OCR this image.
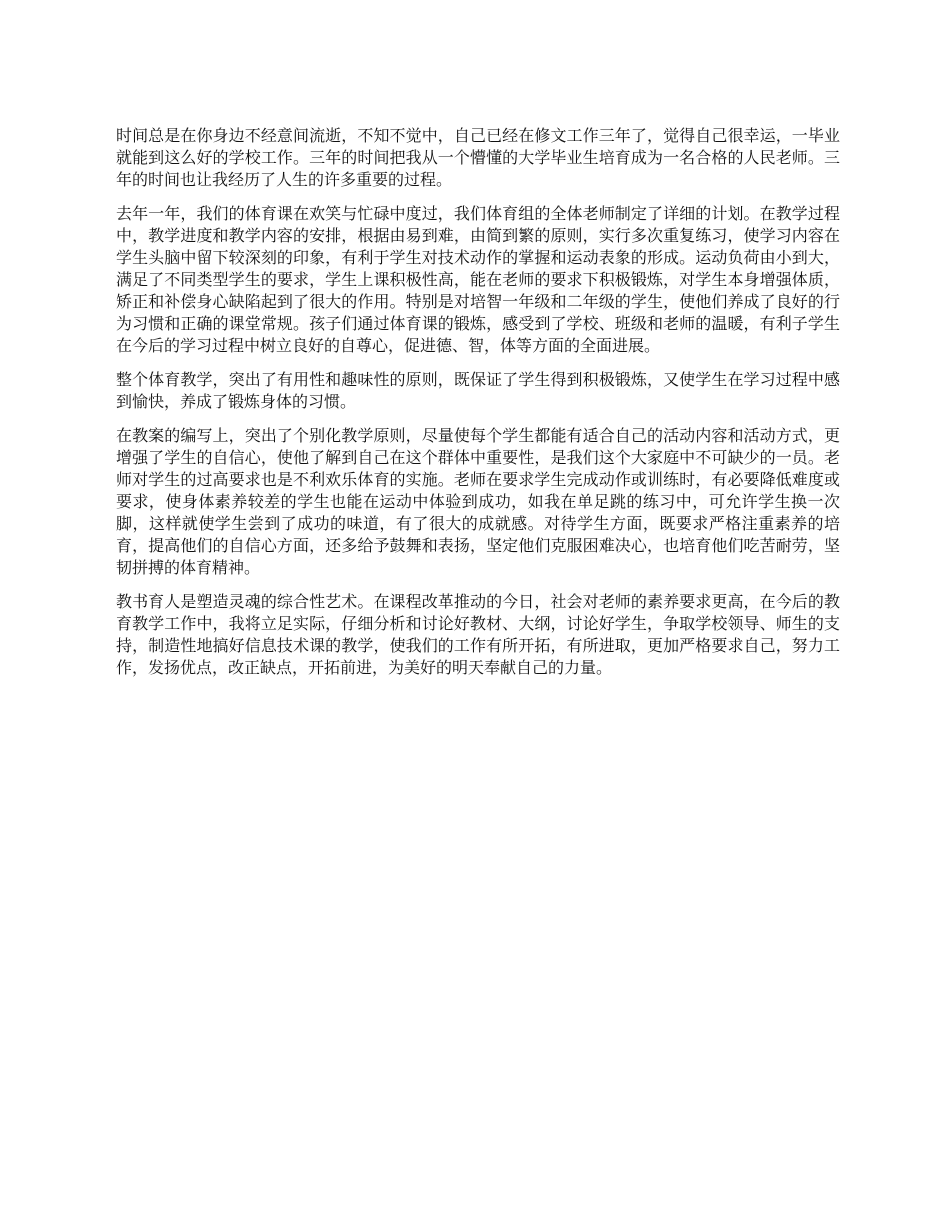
时间总是在你身边不经意间流逝，不知不觉中，自己已经在修文工作三年了，觉得自己很幸运，一毕业就能到这么好的学校工作。三年的时间把我从一个懵懂的大学毕业生培育成为一名合格的人民老师。三年的时间也让我经历了人生的许多重要的过程。

去年一年，我们的体育课在欢笑与忙碌中度过，我们体育组的全体老师制定了详细的计划。在教学过程中，教学进度和教学内容的安排，根据由易到难，由简到繁的原则，实行多次重复练习，使学习内容在学生头脑中留下较深刻的印象，有利于学生对技术动作的掌握和运动表象的形成。运动负荷由小到大，满足了不同类型学生的要求，学生上课积极性高，能在老师的要求下积极锻炼，对学生本身增强体质，矫正和补偿身心缺陷起到了很大的作用。特别是对培智一年级和二年级的学生，使他们养成了良好的行为习惯和正确的课堂常规。孩子们通过体育课的锻炼，感受到了学校、班级和老师的温暖，有利子学生在今后的学习过程中树立良好的自尊心，促进德、智，体等方面的全面进展。

整个体育教学，突出了有用性和趣味性的原则，既保证了学生得到积极锻炼，又使学生在学习过程中感到愉快，养成了锻炼身体的习惯。

在教案的编写上，突出了个别化教学原则，尽量使每个学生都能有适合自己的活动内容和活动方式，更增强了学生的自信心，使他了解到自己在这个群体中重要性，是我们这个大家庭中不可缺少的一员。老师对学生的过高要求也是不利欢乐体育的实施。老师在要求学生完成动作或训练时，有必要降低难度或要求，使身体素养较差的学生也能在运动中体验到成功，如我在单足跳的练习中，可允许学生换一次脚，这样就使学生尝到了成功的味道，有了很大的成就感。对待学生方面，既要求严格注重素养的培育，提高他们的自信心方面，还多给予鼓舞和表扬，坚定他们克服困难决心，也培育他们吃苦耐劳，坚韧拼搏的体育精神。

教书育人是塑造灵魂的综合性艺术。在课程改革推动的今日，社会对老师的素养要求更高，在今后的教育教学工作中，我将立足实际，仔细分析和讨论好教材、大纲，讨论好学生，争取学校领导、师生的支持，制造性地搞好信息技术课的教学，使我们的工作有所开拓，有所进取，更加严格要求自己，努力工作，发扬优点，改正缺点，开拓前进，为美好的明天奉献自己的力量。
